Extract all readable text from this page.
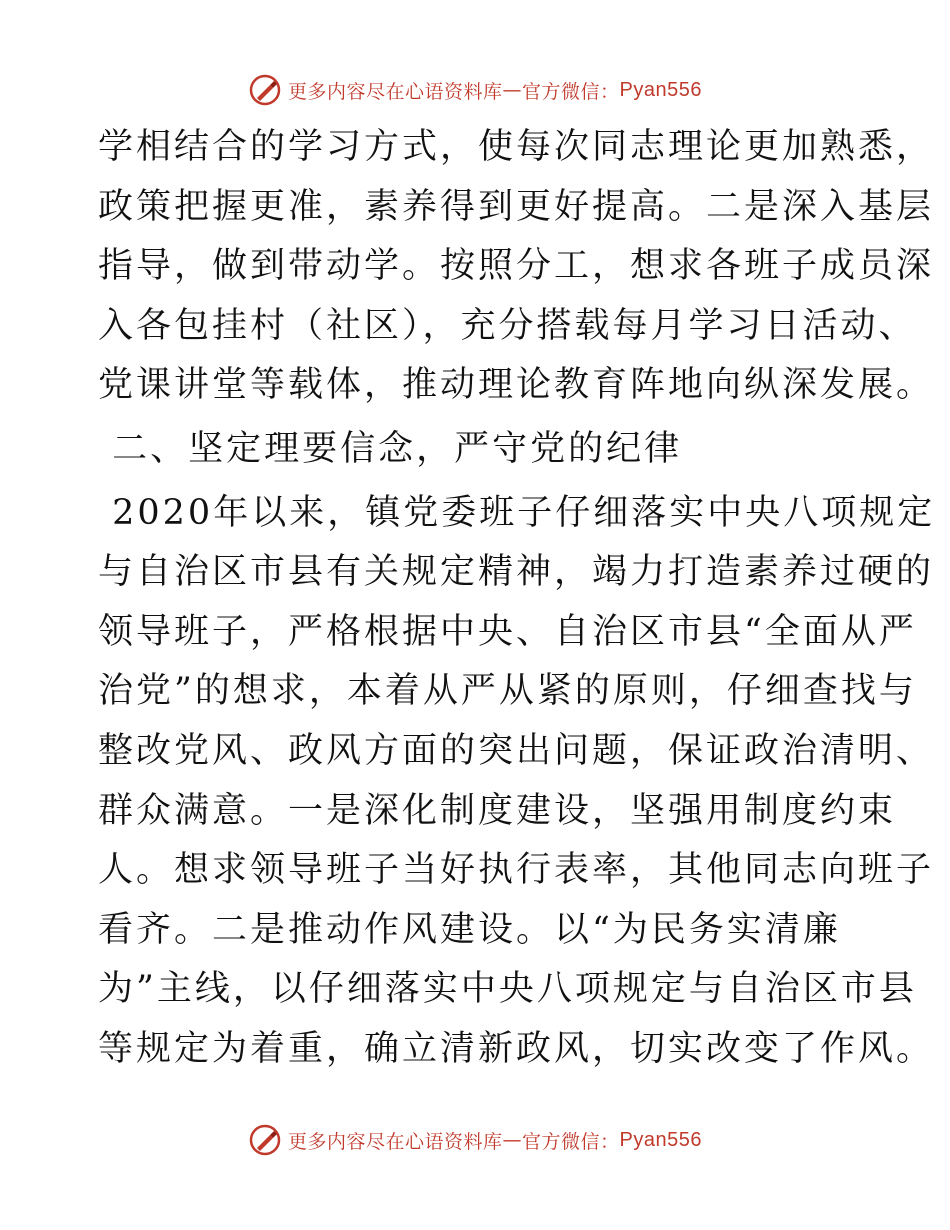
更多内容尽在心语资料库 — 官方微信： Pyan556
学相结合的学习方式，使每次同志理论更加熟悉，
政策把握更准，素养得到更好提高。二是深入基层
指导，做到带动学。按照分工，想求各班子成员深
入各包挂村（社区），充分搭载每月学习日活动、
党课讲堂等载体，推动理论教育阵地向纵深发展。
二、坚定理要信念，严守党的纪律
2020年以来，镇党委班子仔细落实中央八项规定
与自治区市县有关规定精神，竭力打造素养过硬的
领导班子，严格根据中央、自治区市县“全面从严
治党”的想求，本着从严从紧的原则，仔细查找与
整改党风、政风方面的突出问题，保证政治清明、
群众满意。一是深化制度建设，坚强用制度约束
人。想求领导班子当好执行表率，其他同志向班子
看齐。二是推动作风建设。以“为民务实清廉
为”主线，以仔细落实中央八项规定与自治区市县
等规定为着重，确立清新政风，切实改变了作风。
更多内容尽在心语资料库 — 官方微信： Pyan556
